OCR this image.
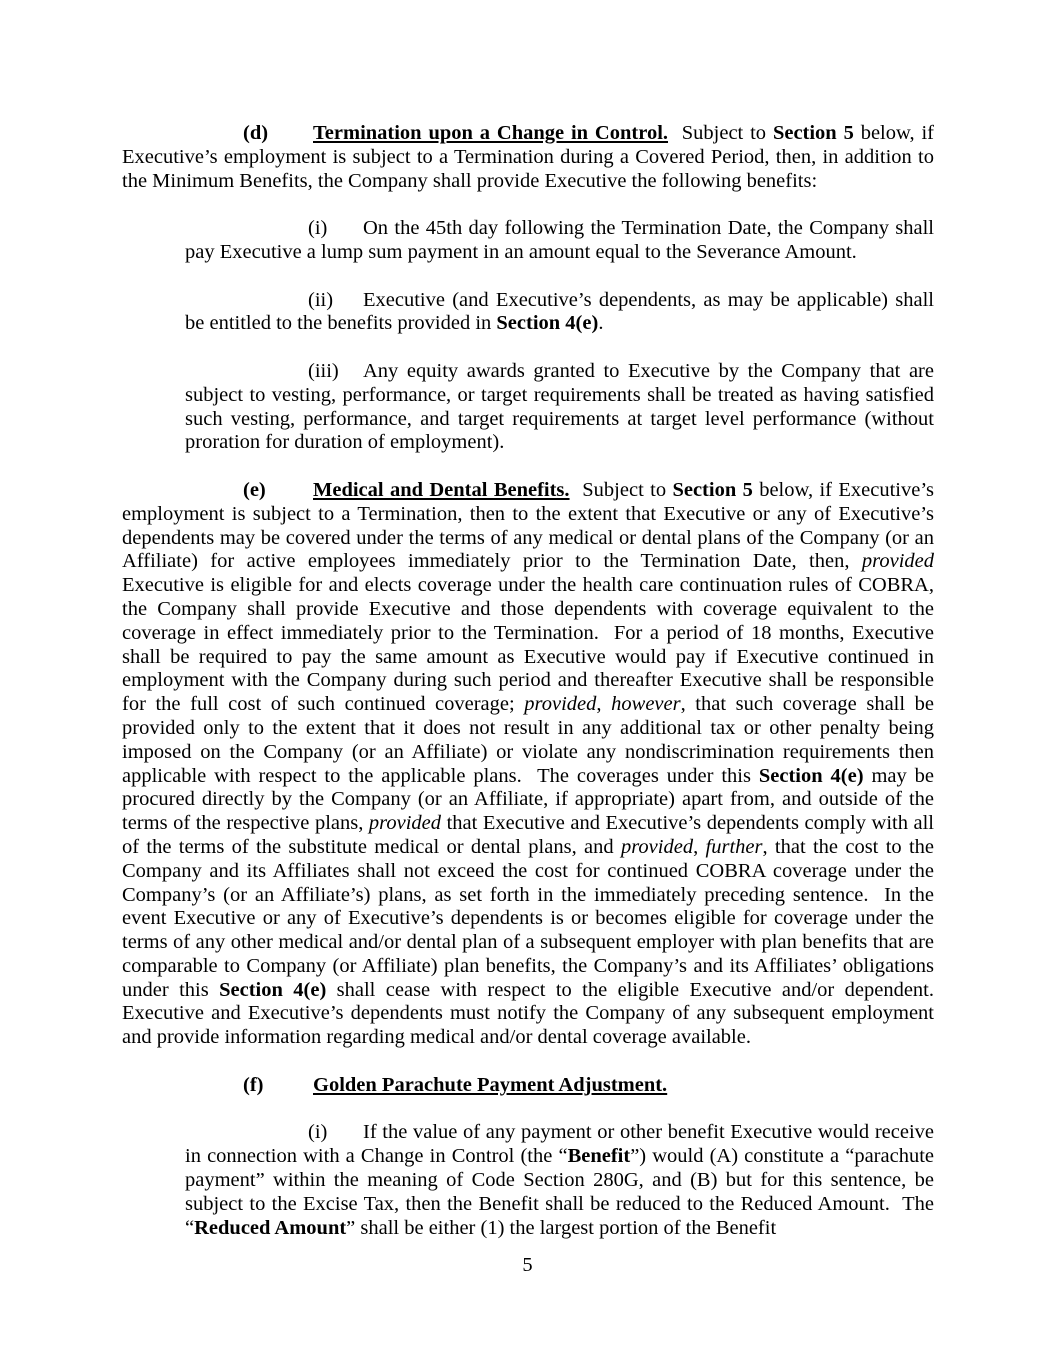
(d) Termination upon a Change in Control.  Subject to Section 5 below, if Executive’s employment is subject to a Termination during a Covered Period, then, in addition to the Minimum Benefits, the Company shall provide Executive the following benefits:

(i) On the 45th day following the Termination Date, the Company shall pay Executive a lump sum payment in an amount equal to the Severance Amount.

(ii) Executive (and Executive’s dependents, as may be applicable) shall be entitled to the benefits provided in Section 4(e).

(iii) Any equity awards granted to Executive by the Company that are subject to vesting, performance, or target requirements shall be treated as having satisfied such vesting, performance, and target requirements at target level performance (without proration for duration of employment).

(e) Medical and Dental Benefits.  Subject to Section 5 below, if Executive’s employment is subject to a Termination, then to the extent that Executive or any of Executive’s dependents may be covered under the terms of any medical or dental plans of the Company (or an Affiliate) for active employees immediately prior to the Termination Date, then, provided Executive is eligible for and elects coverage under the health care continuation rules of COBRA, the Company shall provide Executive and those dependents with coverage equivalent to the coverage in effect immediately prior to the Termination.  For a period of 18 months, Executive shall be required to pay the same amount as Executive would pay if Executive continued in employment with the Company during such period and thereafter Executive shall be responsible for the full cost of such continued coverage; provided, however, that such coverage shall be provided only to the extent that it does not result in any additional tax or other penalty being imposed on the Company (or an Affiliate) or violate any nondiscrimination requirements then applicable with respect to the applicable plans.  The coverages under this Section 4(e) may be procured directly by the Company (or an Affiliate, if appropriate) apart from, and outside of the terms of the respective plans, provided that Executive and Executive’s dependents comply with all of the terms of the substitute medical or dental plans, and provided, further, that the cost to the Company and its Affiliates shall not exceed the cost for continued COBRA coverage under the Company’s (or an Affiliate’s) plans, as set forth in the immediately preceding sentence.  In the event Executive or any of Executive’s dependents is or becomes eligible for coverage under the terms of any other medical and/or dental plan of a subsequent employer with plan benefits that are comparable to Company (or Affiliate) plan benefits, the Company’s and its Affiliates’ obligations under this Section 4(e) shall cease with respect to the eligible Executive and/or dependent.  Executive and Executive’s dependents must notify the Company of any subsequent employment and provide information regarding medical and/or dental coverage available.

(f) Golden Parachute Payment Adjustment.

(i) If the value of any payment or other benefit Executive would receive in connection with a Change in Control (the “Benefit”) would (A) constitute a “parachute payment” within the meaning of Code Section 280G, and (B) but for this sentence, be subject to the Excise Tax, then the Benefit shall be reduced to the Reduced Amount.  The “Reduced Amount” shall be either (1) the largest portion of the Benefit

5
